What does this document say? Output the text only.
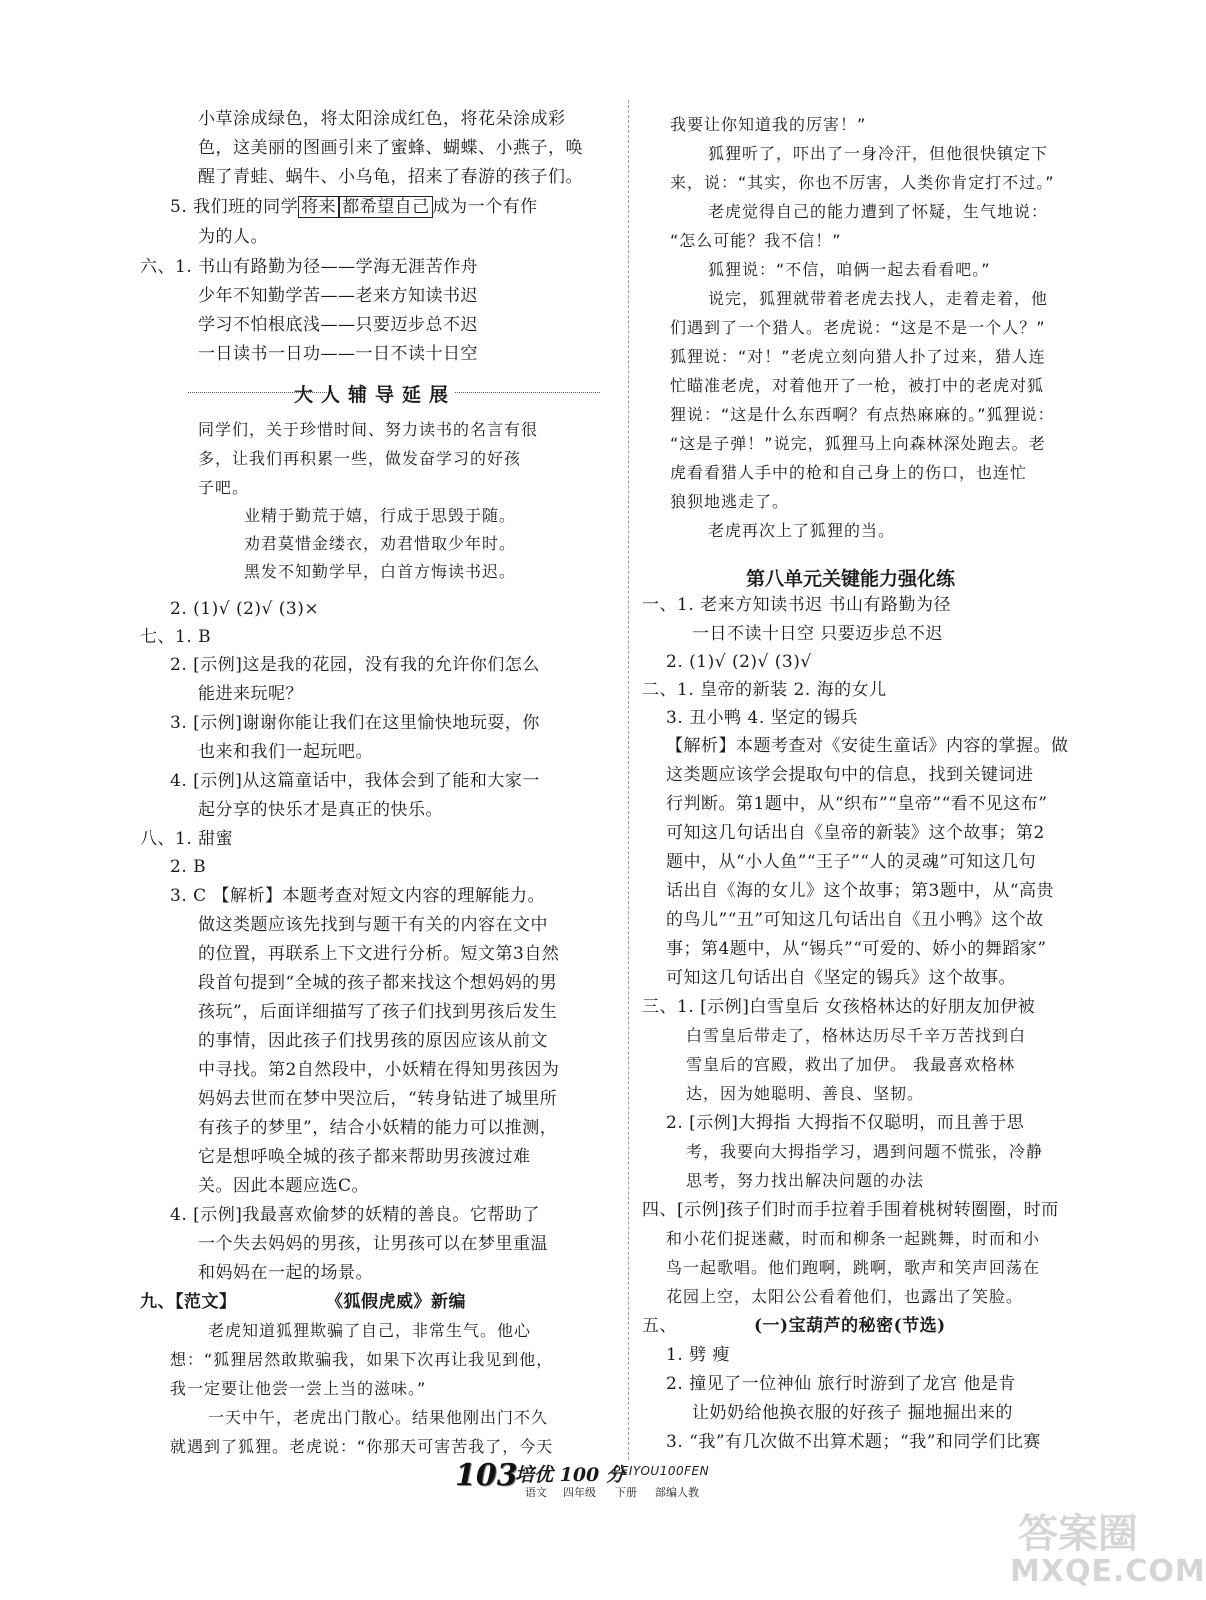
小草涂成绿色，将太阳涂成红色，将花朵涂成彩
色，这美丽的图画引来了蜜蜂、蝴蝶、小燕子，唤
醒了青蛙、蜗牛、小乌龟，招来了春游的孩子们。
5. 我们班的同学 将来 都希望自己 成为一个有作
为的人。
六、1. 书山有路勤为径——学海无涯苦作舟
少年不知勤学苦——老来方知读书迟
学习不怕根底浅——只要迈步总不迟
一日读书一日功——一日不读十日空
大人辅导延展
同学们，关于珍惜时间、努力读书的名言有很
多，让我们再积累一些，做发奋学习的好孩
子吧。
业精于勤荒于嬉，行成于思毁于随。
劝君莫惜金缕衣，劝君惜取少年时。
黑发不知勤学早，白首方悔读书迟。
2. (1)√ (2)√ (3)×
七、1. B
2. [示例]这是我的花园，没有我的允许你们怎么
能进来玩呢？
3. [示例]谢谢你能让我们在这里愉快地玩耍，你
也来和我们一起玩吧。
4. [示例]从这篇童话中，我体会到了能和大家一
起分享的快乐才是真正的快乐。
八、1. 甜蜜
2. B
3. C 【解析】本题考查对短文内容的理解能力。
做这类题应该先找到与题干有关的内容在文中
的位置，再联系上下文进行分析。短文第3自然
段首句提到“全城的孩子都来找这个想妈妈的男
孩玩”，后面详细描写了孩子们找到男孩后发生
的事情，因此孩子们找男孩的原因应该从前文
中寻找。第2自然段中，小妖精在得知男孩因为
妈妈去世而在梦中哭泣后，“转身钻进了城里所
有孩子的梦里”，结合小妖精的能力可以推测，
它是想呼唤全城的孩子都来帮助男孩渡过难
关。因此本题应选C。
4. [示例]我最喜欢偷梦的妖精的善良。它帮助了
一个失去妈妈的男孩，让男孩可以在梦里重温
和妈妈在一起的场景。
九、【范文】	《狐假虎威》新编
老虎知道狐狸欺骗了自己，非常生气。他心
想：“狐狸居然敢欺骗我，如果下次再让我见到他，
我一定要让他尝一尝上当的滋味。”
一天中午，老虎出门散心。结果他刚出门不久
就遇到了狐狸。老虎说：“你那天可害苦我了，今天
我要让你知道我的厉害！”
狐狸听了，吓出了一身冷汗，但他很快镇定下
来，说：“其实，你也不厉害，人类你肯定打不过。”
老虎觉得自己的能力遭到了怀疑，生气地说：
“怎么可能？我不信！”
狐狸说：“不信，咱俩一起去看看吧。”
说完，狐狸就带着老虎去找人，走着走着，他
们遇到了一个猎人。老虎说：“这是不是一个人？”
狐狸说：“对！”老虎立刻向猎人扑了过来，猎人连
忙瞄准老虎，对着他开了一枪，被打中的老虎对狐
狸说：“这是什么东西啊？有点热麻麻的。”狐狸说：
“这是子弹！”说完，狐狸马上向森林深处跑去。老
虎看看猎人手中的枪和自己身上的伤口，也连忙
狼狈地逃走了。
老虎再次上了狐狸的当。
第八单元关键能力强化练
一、1. 老来方知读书迟 书山有路勤为径
一日不读十日空 只要迈步总不迟
2. (1)√ (2)√ (3)√
二、1. 皇帝的新装 2. 海的女儿
3. 丑小鸭 4. 坚定的锡兵
【解析】本题考查对《安徒生童话》内容的掌握。做
这类题应该学会提取句中的信息，找到关键词进
行判断。第1题中，从“织布”“皇帝”“看不见这布”
可知这几句话出自《皇帝的新装》这个故事；第2
题中，从“小人鱼”“王子”“人的灵魂”可知这几句
话出自《海的女儿》这个故事；第3题中，从“高贵
的鸟儿”“丑”可知这几句话出自《丑小鸭》这个故
事；第4题中，从“锡兵”“可爱的、娇小的舞蹈家”
可知这几句话出自《坚定的锡兵》这个故事。
三、1. [示例]白雪皇后 女孩格林达的好朋友加伊被
白雪皇后带走了，格林达历尽千辛万苦找到白
雪皇后的宫殿，救出了加伊。 我最喜欢格林
达，因为她聪明、善良、坚韧。
2. [示例]大拇指 大拇指不仅聪明，而且善于思
考，我要向大拇指学习，遇到问题不慌张，冷静
思考，努力找出解决问题的办法
四、[示例]孩子们时而手拉着手围着桃树转圈圈，时而
和小花们捉迷藏，时而和柳条一起跳舞，时而和小
鸟一起歌唱。他们跑啊，跳啊，歌声和笑声回荡在
花园上空，太阳公公看着他们，也露出了笑脸。
五、	(一)宝葫芦的秘密(节选)
1. 劈 瘦
2. 撞见了一位神仙 旅行时游到了龙宫 他是肯
让奶奶给他换衣服的好孩子 掘地掘出来的
3. “我”有几次做不出算术题；“我”和同学们比赛
103
培优 100 分
PEIYOU100FEN
语文 四年级 下册 部编人教
答案圈
MXQE.COM
